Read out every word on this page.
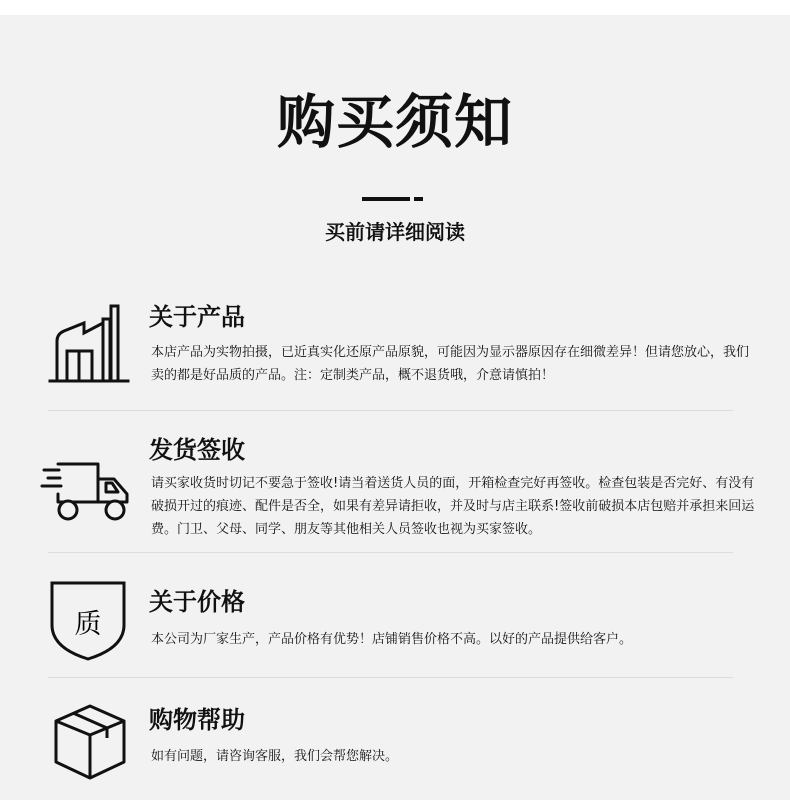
购买须知
买前请详细阅读
关于产品
本店产品为实物拍摄，已近真实化还原产品原貌，可能因为显示器原因存在细微差异！但请您放心，我们卖的都是好品质的产品。注：定制类产品，概不退货哦，介意请慎拍！
发货签收
请买家收货时切记不要急于签收!请当着送货人员的面，开箱检查完好再签收。检查包装是否完好、有没有破损开过的痕迹、配件是否全，如果有差异请拒收，并及时与店主联系!签收前破损本店包赔并承担来回运费。门卫、父母、同学、朋友等其他相关人员签收也视为买家签收。
质
关于价格
本公司为厂家生产，产品价格有优势！店铺销售价格不高。以好的产品提供给客户。
购物帮助
如有问题，请咨询客服，我们会帮您解决。
